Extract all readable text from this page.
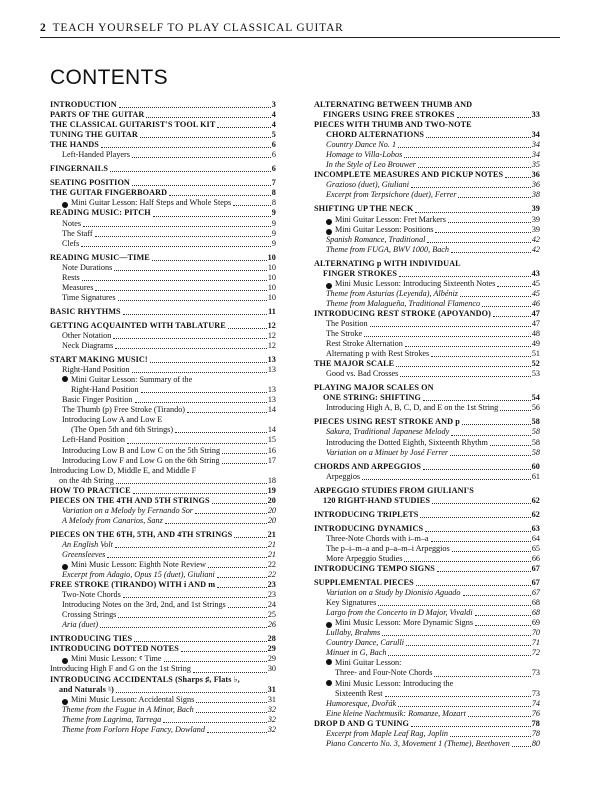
2 TEACH YOURSELF TO PLAY CLASSICAL GUITAR
CONTENTS
INTRODUCTION	3
PARTS OF THE GUITAR	4
THE CLASSICAL GUITARIST'S TOOL KIT	4
TUNING THE GUITAR	5
THE HANDS	6
Left-Handed Players	6
FINGERNAILS	6
SEATING POSITION	7
THE GUITAR FINGERBOARD	8
Mini Guitar Lesson: Half Steps and Whole Steps	8
READING MUSIC: PITCH	9
Notes	9
The Staff	9
Clefs	9
READING MUSIC—TIME	10
Note Durations	10
Rests	10
Measures	10
Time Signatures	10
BASIC RHYTHMS	11
GETTING ACQUAINTED WITH TABLATURE	12
Other Notation	12
Neck Diagrams	12
START MAKING MUSIC!	13
Right-Hand Position	13
Mini Guitar Lesson: Summary of the
Right-Hand Position	13
Basic Finger Position	13
The Thumb (p) Free Stroke (Tirando)	14
Introducing Low A and Low E
(The Open 5th and 6th Strings)	14
Left-Hand Position	15
Introducing Low B and Low C on the 5th String	16
Introducing Low F and Low G on the 6th String	17
Introducing Low D, Middle E, and Middle F
on the 4th String	18
HOW TO PRACTICE	19
PIECES ON THE 4TH AND 5TH STRINGS	20
Variation on a Melody by Fernando Sor	20
A Melody from Canarios, Sanz	20
PIECES ON THE 6TH, 5TH, AND 4TH STRINGS	21
An English Volt	21
Greensleeves	21
Mini Music Lesson: Eighth Note Review	22
Excerpt from Adagio, Opus 15 (duet), Giuliani	22
FREE STROKE (TIRANDO) WITH i AND m	23
Two-Note Chords	23
Introducing Notes on the 3rd, 2nd, and 1st Strings	24
Crossing Strings	25
Aria (duet)	26
INTRODUCING TIES	28
INTRODUCING DOTTED NOTES	29
Mini Music Lesson: 𝄴 Time	29
Introducing High F and G on the 1st String	30
INTRODUCING ACCIDENTALS (Sharps ♯, Flats ♭,
and Naturals ♮)	31
Mini Music Lesson: Accidental Signs	31
Theme from the Fugue in A Minor, Bach	32
Theme from Lagrima, Tarrega	32
Theme from Forlorn Hope Fancy, Dowland	32
ALTERNATING BETWEEN THUMB AND
FINGERS USING FREE STROKES	33
PIECES WITH THUMB AND TWO-NOTE
CHORD ALTERNATIONS	34
Country Dance No. 1	34
Homage to Villa-Lobos	34
In the Style of Leo Brouwer	35
INCOMPLETE MEASURES AND PICKUP NOTES	36
Grazioso (duet), Giuliani	36
Excerpt from Terpsichore (duet), Ferrer	38
SHIFTING UP THE NECK	39
Mini Guitar Lesson: Fret Markers	39
Mini Guitar Lesson: Positions	39
Spanish Romance, Traditional	42
Theme from FUGA, BWV 1000, Bach	42
ALTERNATING p WITH INDIVIDUAL
FINGER STROKES	43
Mini Music Lesson: Introducing Sixteenth Notes	45
Theme from Asturias (Leyenda), Albéniz	45
Theme from Malagueña, Traditional Flamenco	46
INTRODUCING REST STROKE (APOYANDO)	47
The Position	47
The Stroke	48
Rest Stroke Alternation	49
Alternating p with Rest Strokes	51
THE MAJOR SCALE	52
Good vs. Bad Crosses	53
PLAYING MAJOR SCALES ON
ONE STRING: SHIFTING	54
Introducing High A, B, C, D, and E on the 1st String	56
PIECES USING REST STROKE AND p	58
Sakura, Traditional Japanese Melody	58
Introducing the Dotted Eighth, Sixteenth Rhythm	58
Variation on a Minuet by José Ferrer	58
CHORDS AND ARPEGGIOS	60
Arpeggios	61
ARPEGGIO STUDIES FROM GIULIANI'S
120 RIGHT-HAND STUDIES	62
INTRODUCING TRIPLETS	62
INTRODUCING DYNAMICS	63
Three-Note Chords with i–m–a	64
The p–i–m–a and p–a–m–i Arpeggios	65
More Arpeggio Studies	66
INTRODUCING TEMPO SIGNS	67
SUPPLEMENTAL PIECES	67
Variation on a Study by Dionisio Aguado	67
Key Signatures	68
Largo from the Concerto in D Major, Vivaldi	68
Mini Music Lesson: More Dynamic Signs	69
Lullaby, Brahms	70
Country Dance, Carulli	71
Minuet in G, Bach	72
Mini Guitar Lesson:
Three- and Four-Note Chords	73
Mini Music Lesson: Introducing the
Sixteenth Rest	73
Humoresque, Dvořák	74
Eine kleine Nachtmusik: Romanze, Mozart	76
DROP D AND G TUNING	78
Excerpt from Maple Leaf Rag, Joplin	78
Piano Concerto No. 3, Movement 1 (Theme), Beethoven	80
